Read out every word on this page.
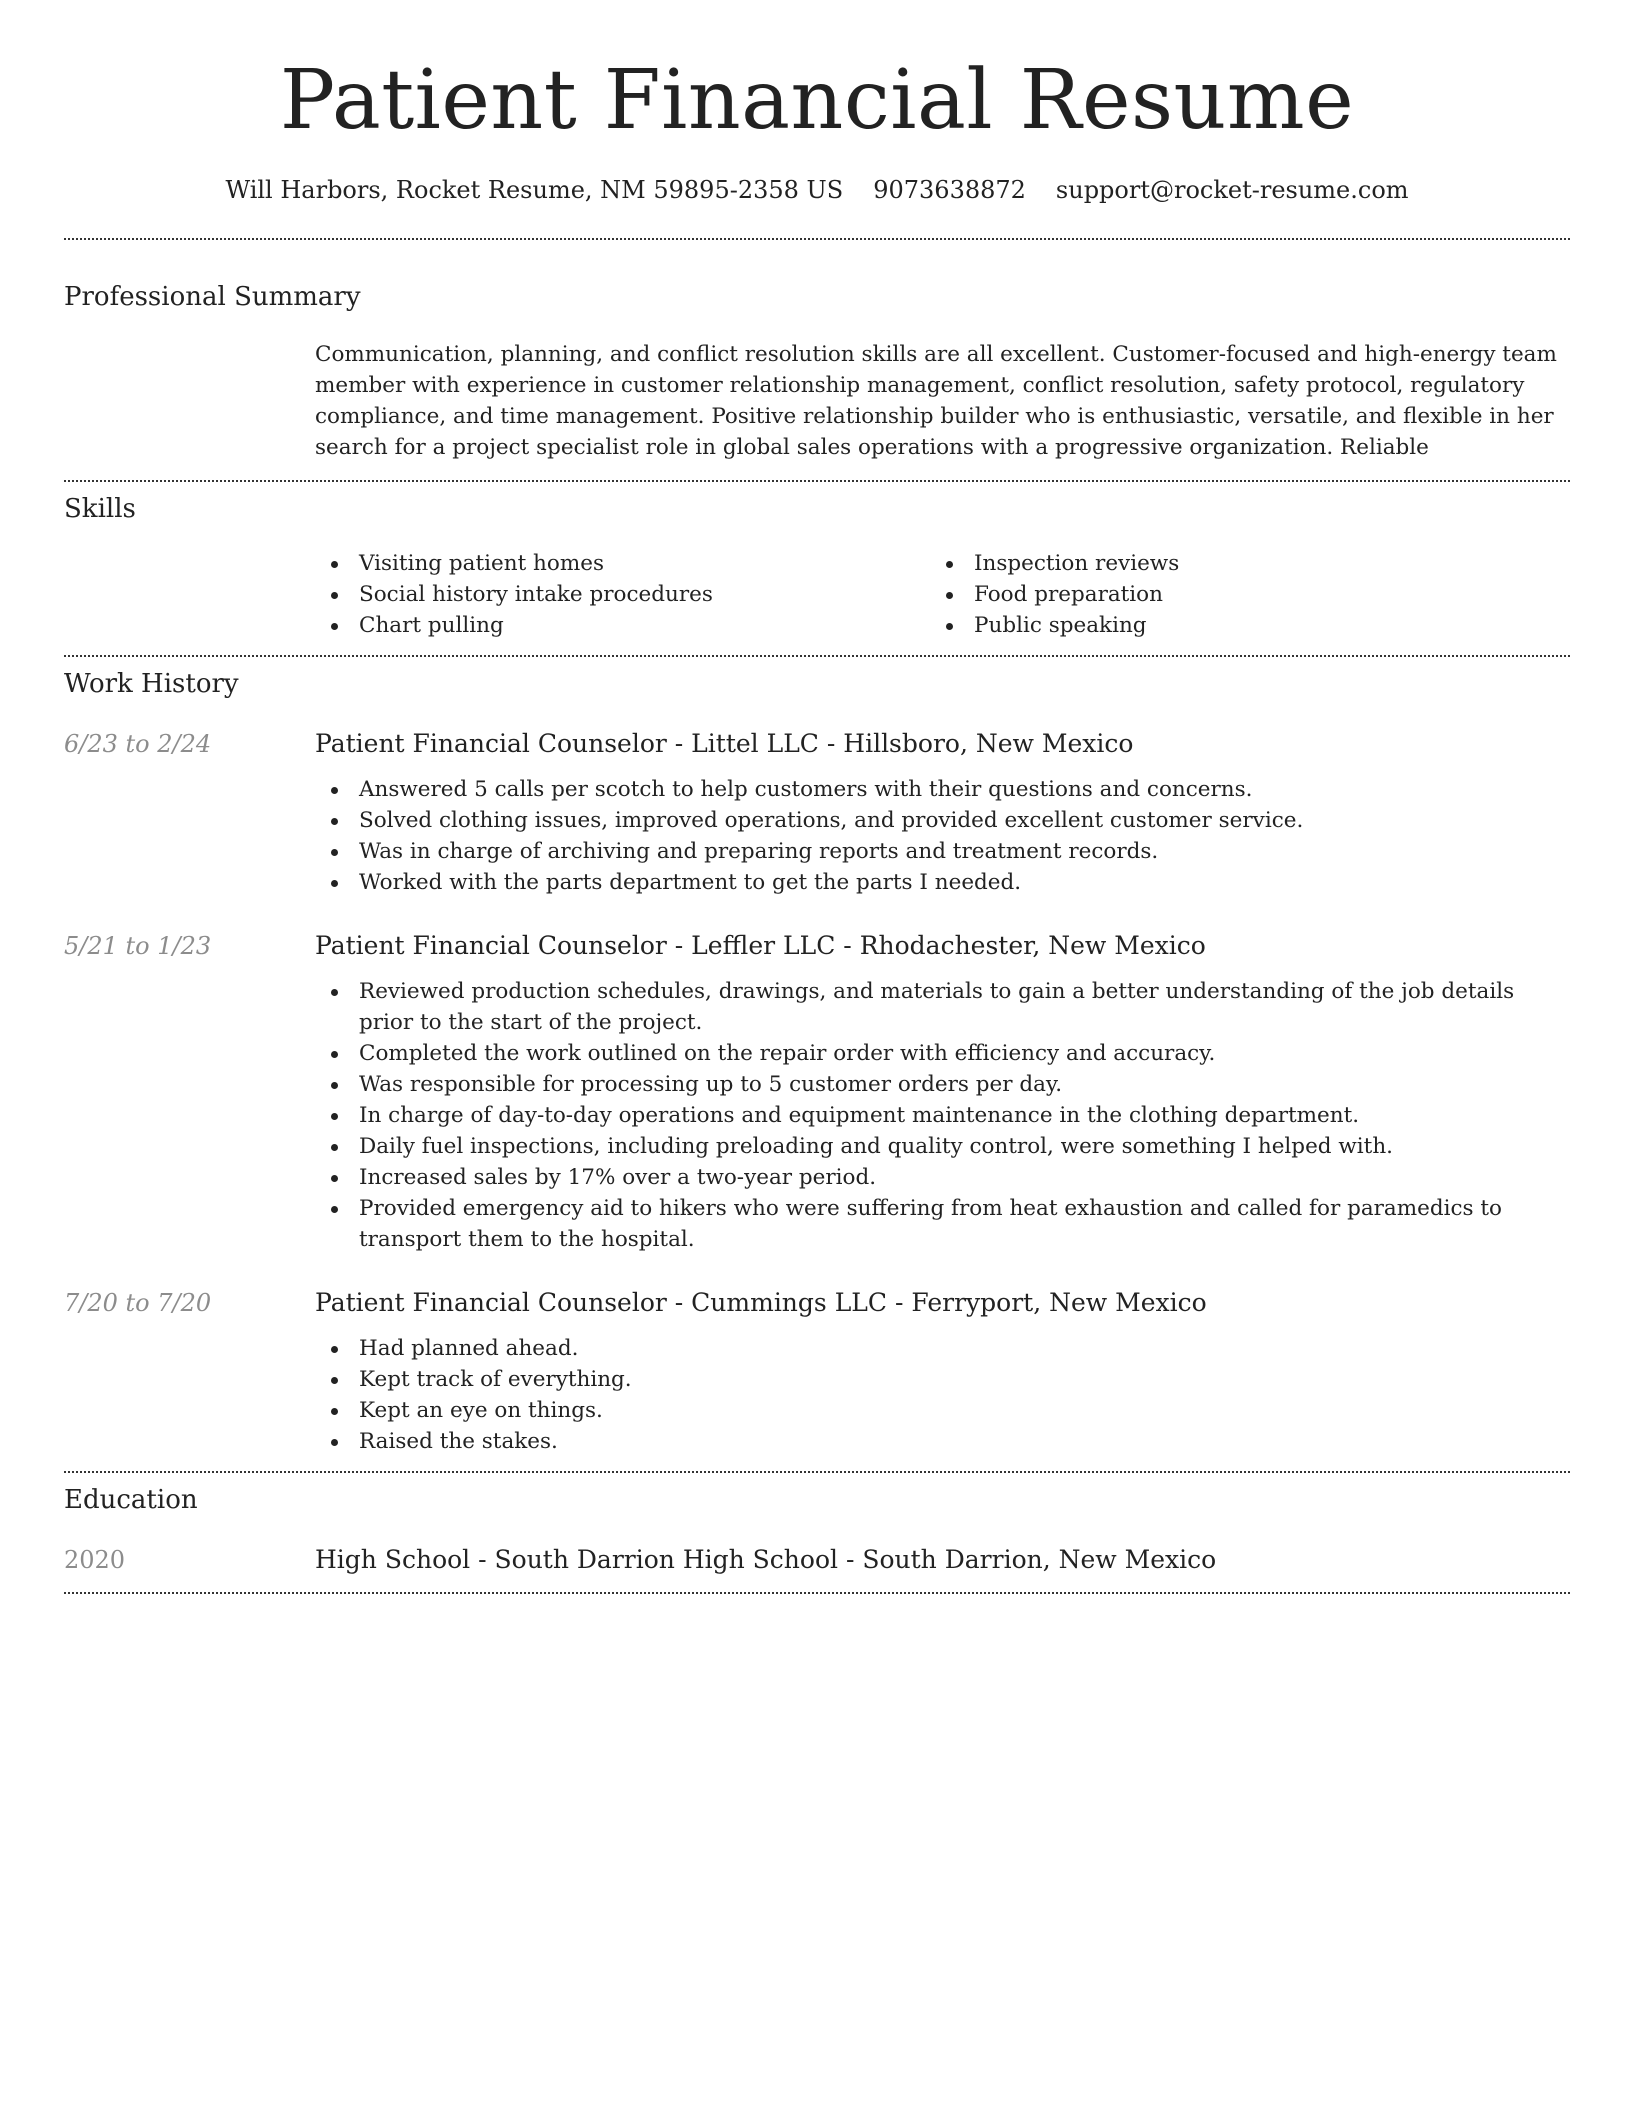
Patient Financial Resume
Will Harbors, Rocket Resume, NM 59895-2358 US 9073638872 support@rocket-resume.com
Professional Summary
Communication, planning, and conflict resolution skills are all excellent. Customer-focused and high-energy team member with experience in customer relationship management, conflict resolution, safety protocol, regulatory compliance, and time management. Positive relationship builder who is enthusiastic, versatile, and flexible in her search for a project specialist role in global sales operations with a progressive organization. Reliable
Skills
Visiting patient homes
Social history intake procedures
Chart pulling
Inspection reviews
Food preparation
Public speaking
Work History
6/23 to 2/24	Patient Financial Counselor - Littel LLC - Hillsboro, New Mexico
Answered 5 calls per scotch to help customers with their questions and concerns.
Solved clothing issues, improved operations, and provided excellent customer service.
Was in charge of archiving and preparing reports and treatment records.
Worked with the parts department to get the parts I needed.
5/21 to 1/23	Patient Financial Counselor - Leffler LLC - Rhodachester, New Mexico
Reviewed production schedules, drawings, and materials to gain a better understanding of the job details prior to the start of the project.
Completed the work outlined on the repair order with efficiency and accuracy.
Was responsible for processing up to 5 customer orders per day.
In charge of day-to-day operations and equipment maintenance in the clothing department.
Daily fuel inspections, including preloading and quality control, were something I helped with.
Increased sales by 17% over a two-year period.
Provided emergency aid to hikers who were suffering from heat exhaustion and called for paramedics to transport them to the hospital.
7/20 to 7/20	Patient Financial Counselor - Cummings LLC - Ferryport, New Mexico
Had planned ahead.
Kept track of everything.
Kept an eye on things.
Raised the stakes.
Education
2020	High School - South Darrion High School - South Darrion, New Mexico
